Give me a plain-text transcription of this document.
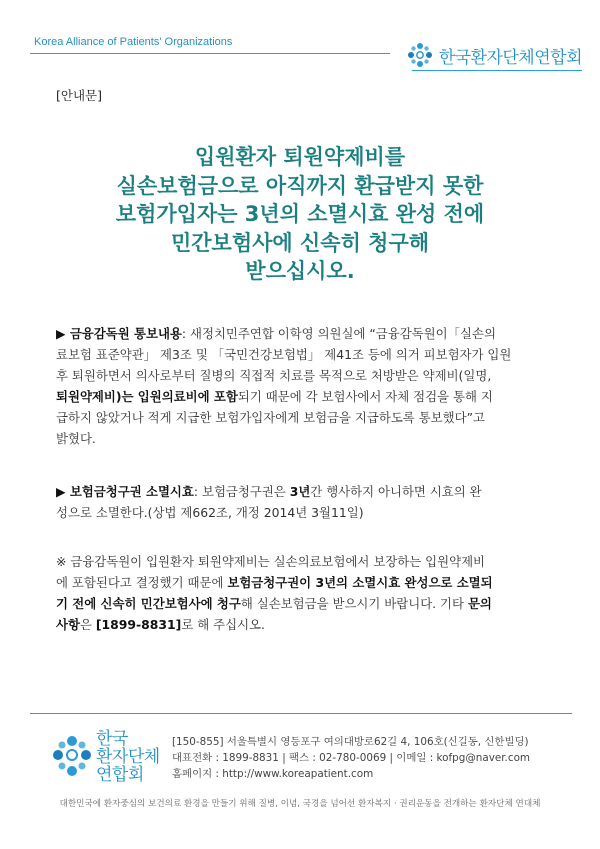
Korea Alliance of Patients' Organizations
한국환자단체연합회
[안내문]
입원환자 퇴원약제비를
실손보험금으로 아직까지 환급받지 못한
보험가입자는 3년의 소멸시효 완성 전에
민간보험사에 신속히 청구해
받으십시오.
▶ 금융감독원 통보내용: 새정치민주연합 이학영 의원실에 “금융감독원이「실손의
료보험 표준약관」 제3조 및 「국민건강보험법」 제41조 등에 의거 피보험자가 입원
후 퇴원하면서 의사로부터 질병의 직접적 치료를 목적으로 처방받은 약제비(일명,
퇴원약제비)는 입원의료비에 포함되기 때문에 각 보험사에서 자체 점검을 통해 지
급하지 않았거나 적게 지급한 보험가입자에게 보험금을 지급하도록 통보했다”고
밝혔다.
▶ 보험금청구권 소멸시효: 보험금청구권은 3년간 행사하지 아니하면 시효의 완
성으로 소멸한다.(상법 제662조, 개정 2014년 3월11일)
※ 금융감독원이 입원환자 퇴원약제비는 실손의료보험에서 보장하는 입원약제비
에 포함된다고 결정했기 때문에 보험금청구권이 3년의 소멸시효 완성으로 소멸되
기 전에 신속히 민간보험사에 청구해 실손보험금을 받으시기 바랍니다. 기타 문의
사항은 [1899-8831]로 해 주십시오.
한국
환자단체
연합회
[150-855] 서울특별시 영등포구 여의대방로62길 4, 106호(신길동, 신한빌딩)
대표전화 : 1899-8831 | 팩스 : 02-780-0069 | 이메일 : kofpg@naver.com
홈페이지 : http://www.koreapatient.com
대한민국에 환자중심의 보건의료 환경을 만들기 위해 질병, 이념, 국경을 넘어선 환자복지 · 권리운동을 전개하는 환자단체 연대체
